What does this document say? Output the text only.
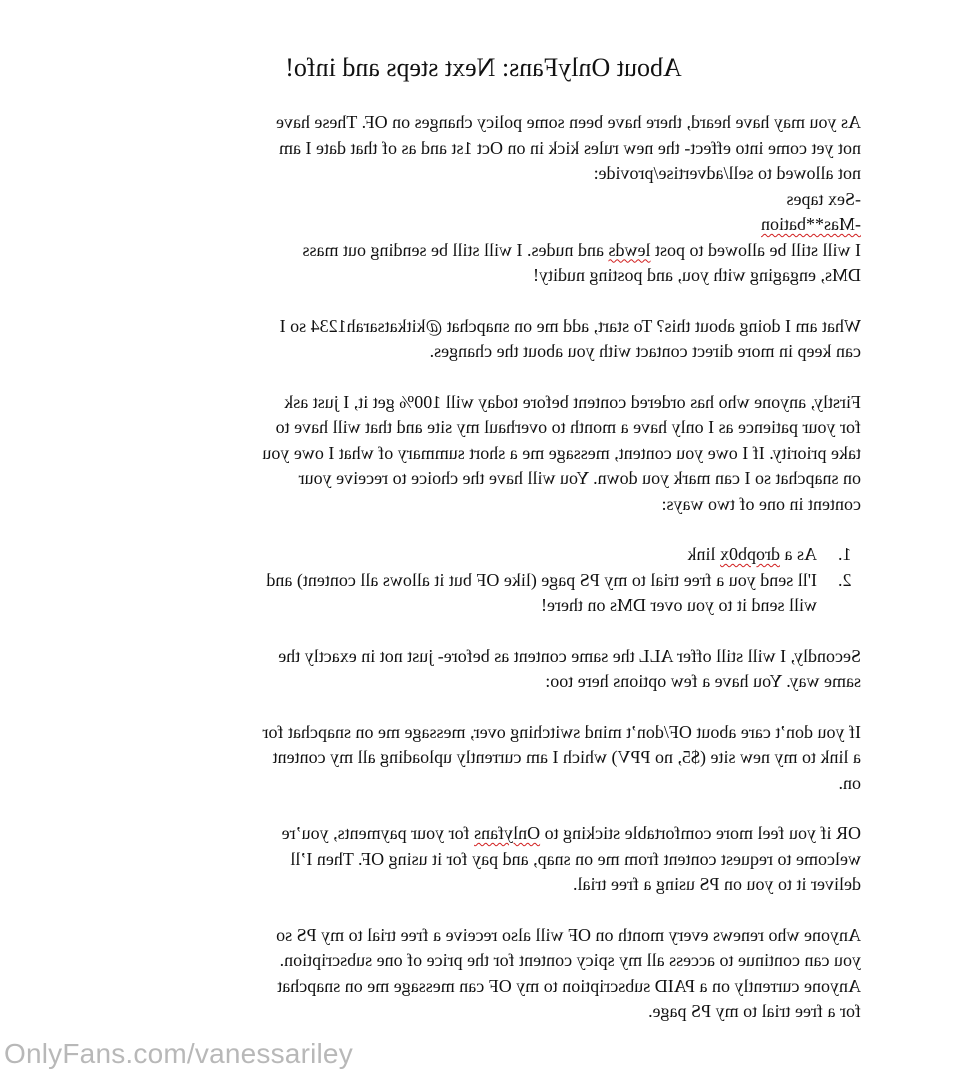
About OnlyFans: Next steps and info!
As you may have heard, there have been some policy changes on OF. These have
not yet come into effect- the new rules kick in on Oct 1st and as of that date I am
not allowed to sell/advertise/provide:
-Sex tapes
-Mas**bation
I will still be allowed to post lewds and nudes. I will still be sending out mass
DMs, engaging with you, and posting nudity!
What am I doing about this? To start, add me on snapchat @kitkatsarah1234 so I
can keep in more direct contact with you about the changes.
Firstly, anyone who has ordered content before today will 100% get it, I just ask
for your patience as I only have a month to overhaul my site and that will have to
take priority. If I owe you content, message me a short summary of what I owe you
on snapchat so I can mark you down. You will have the choice to receive your
content in one of two ways:
1.
As a dropb0x link
2.
I'll send you a free trial to my PS page (like OF but it allows all content) and
will send it to you over DMs on there!
Secondly, I will still offer ALL the same content as before- just not in exactly the
same way. You have a few options here too:
If you don’t care about OF/don’t mind switching over, message me on snapchat for
a link to my new site ($5, no PPV) which I am currently uploading all my content
on.
OR if you feel more comfortable sticking to Onlyfans for your payments, you’re
welcome to request content from me on snap, and pay for it using OF. Then I’ll
deliver it to you on PS using a free trial.
Anyone who renews every month on OF will also receive a free trial to my PS so
you can continue to access all my spicy content for the price of one subscription.
Anyone currently on a PAID subscription to my OF can message me on snapchat
for a free trial to my PS page.
OnlyFans.com/vanessariley
